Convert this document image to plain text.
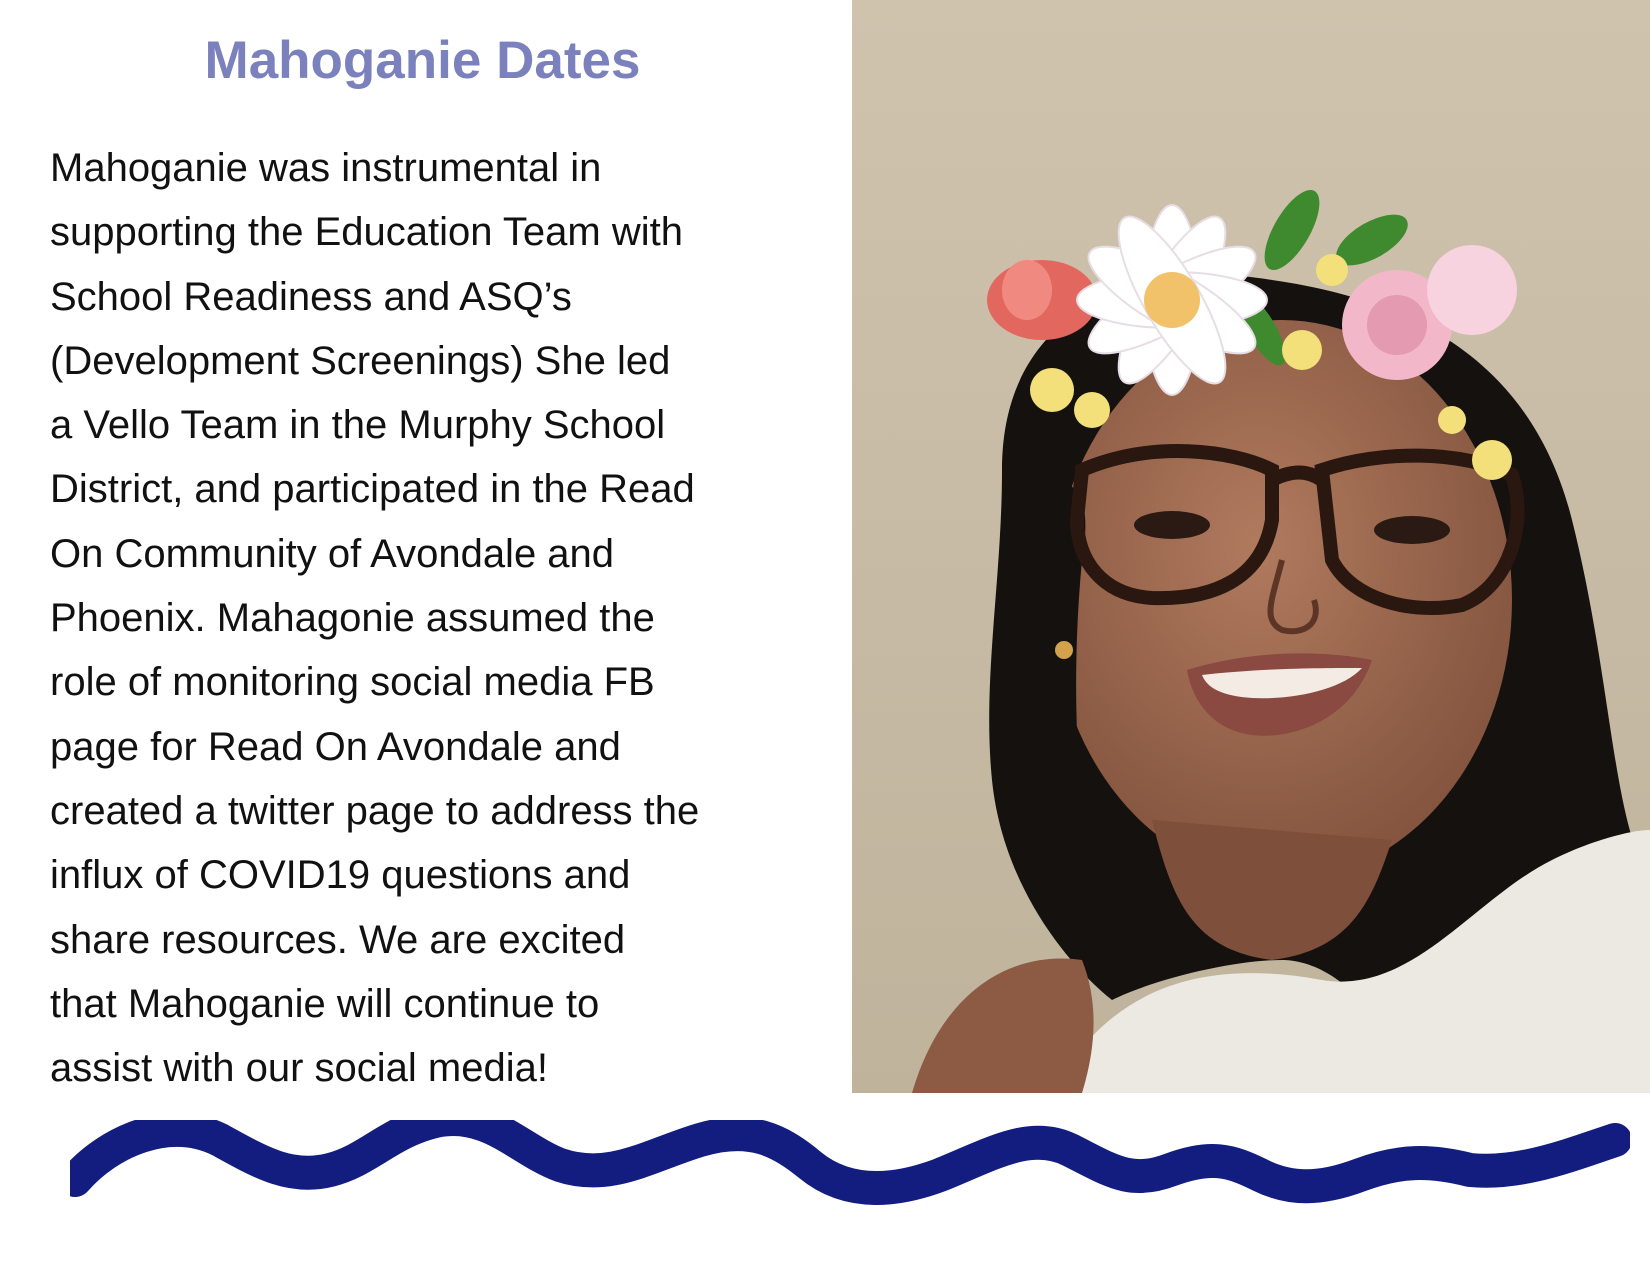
Mahoganie Dates
Mahoganie was instrumental in
supporting the Education Team with
School Readiness and ASQ’s
(Development Screenings) She led
a Vello Team in the Murphy School
District, and participated in the Read
On Community of Avondale and
Phoenix. Mahagonie assumed the
role of monitoring social media FB
page for Read On Avondale and
created a twitter page to address the
influx of COVID19 questions and
share resources. We are excited
that Mahoganie will continue to
assist with our social media!
